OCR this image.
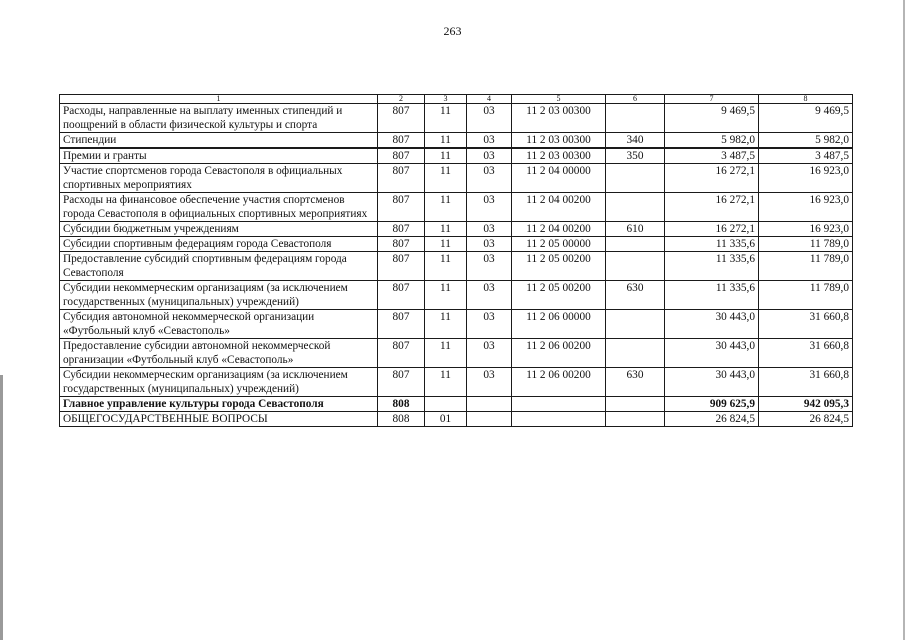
263
1	2	3	4	5	6	7	8
Расходы, направленные на выплату именных стипендий и поощрений в области физической культуры и спорта	807	11	03	11 2 03 00300		9 469,5	9 469,5
Стипендии	807	11	03	11 2 03 00300	340	5 982,0	5 982,0
Премии и гранты	807	11	03	11 2 03 00300	350	3 487,5	3 487,5
Участие спортсменов города Севастополя в официальных спортивных мероприятиях	807	11	03	11 2 04 00000		16 272,1	16 923,0
Расходы на финансовое обеспечение участия спортсменов города Севастополя в официальных спортивных мероприятиях	807	11	03	11 2 04 00200		16 272,1	16 923,0
Субсидии бюджетным учреждениям	807	11	03	11 2 04 00200	610	16 272,1	16 923,0
Субсидии спортивным федерациям города Севастополя	807	11	03	11 2 05 00000		11 335,6	11 789,0
Предоставление субсидий спортивным федерациям города Севастополя	807	11	03	11 2 05 00200		11 335,6	11 789,0
Субсидии некоммерческим организациям (за исключением государственных (муниципальных) учреждений)	807	11	03	11 2 05 00200	630	11 335,6	11 789,0
Субсидия автономной некоммерческой организации «Футбольный клуб «Севастополь»	807	11	03	11 2 06 00000		30 443,0	31 660,8
Предоставление субсидии автономной некоммерческой организации «Футбольный клуб «Севастополь»	807	11	03	11 2 06 00200		30 443,0	31 660,8
Субсидии некоммерческим организациям (за исключением государственных (муниципальных) учреждений)	807	11	03	11 2 06 00200	630	30 443,0	31 660,8
Главное управление культуры города Севастополя	808					909 625,9	942 095,3
ОБЩЕГОСУДАРСТВЕННЫЕ ВОПРОСЫ	808	01				26 824,5	26 824,5
